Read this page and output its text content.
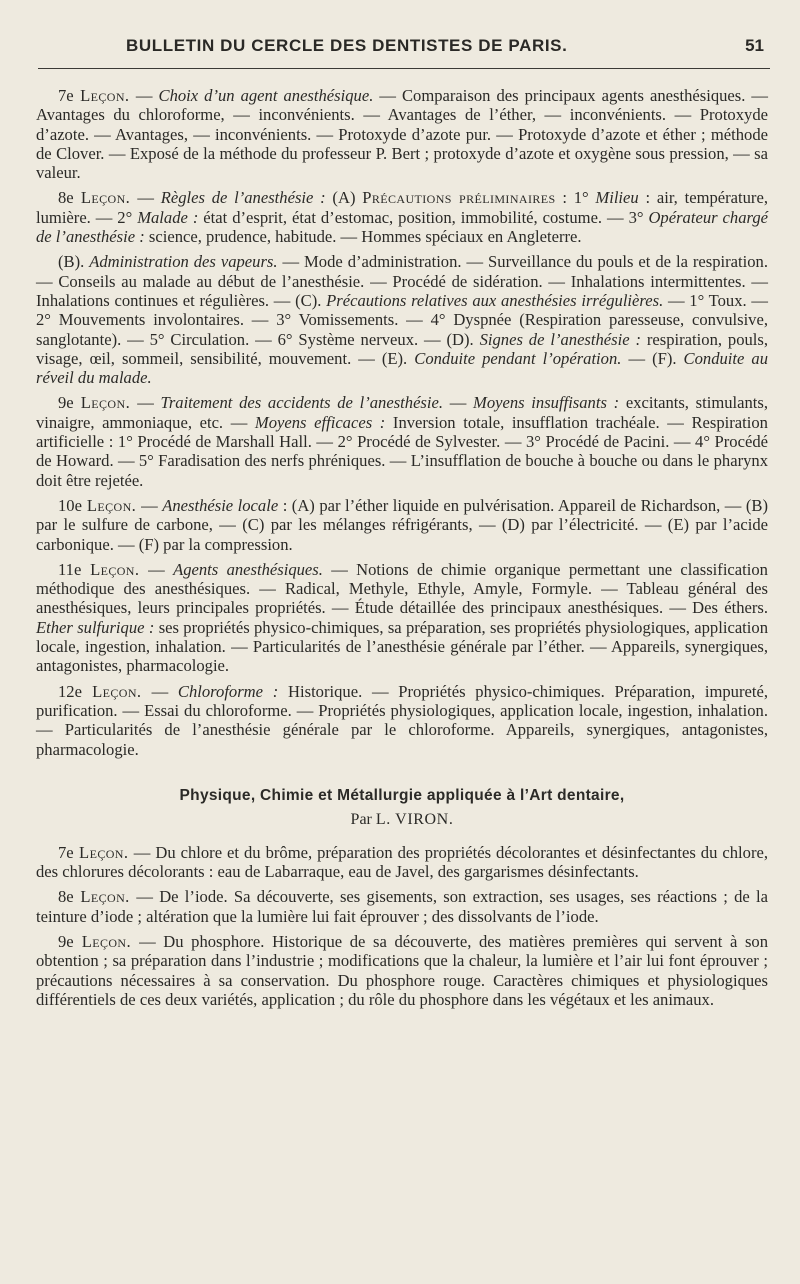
BULLETIN DU CERCLE DES DENTISTES DE PARIS.	51

7e Leçon. — Choix d’un agent anesthésique. — Comparaison des principaux agents anesthésiques. — Avantages du chloroforme, — inconvénients. — Avantages de l’éther, — inconvénients. — Protoxyde d’azote. — Avantages, — inconvénients. — Protoxyde d’azote pur. — Protoxyde d’azote et éther ; méthode de Clover. — Exposé de la méthode du professeur P. Bert ; protoxyde d’azote et oxygène sous pression, — sa valeur.

8e Leçon. — Règles de l’anesthésie : (A) Précautions préliminaires : 1° Milieu : air, température, lumière. — 2° Malade : état d’esprit, état d’estomac, position, immobilité, costume. — 3° Opérateur chargé de l’anesthésie : science, prudence, habitude. — Hommes spéciaux en Angleterre.

(B). Administration des vapeurs. — Mode d’administration. — Surveillance du pouls et de la respiration. — Conseils au malade au début de l’anesthésie. — Procédé de sidération. — Inhalations intermittentes. — Inhalations continues et régulières. — (C). Précautions relatives aux anesthésies irrégulières. — 1° Toux. — 2° Mouvements involontaires. — 3° Vomissements. — 4° Dyspnée (Respiration paresseuse, convulsive, sanglotante). — 5° Circulation. — 6° Système nerveux. — (D). Signes de l’anesthésie : respiration, pouls, visage, œil, sommeil, sensibilité, mouvement. — (E). Conduite pendant l’opération. — (F). Conduite au réveil du malade.

9e Leçon. — Traitement des accidents de l’anesthésie. — Moyens insuffisants : excitants, stimulants, vinaigre, ammoniaque, etc. — Moyens efficaces : Inversion totale, insufflation trachéale. — Respiration artificielle : 1° Procédé de Marshall Hall. — 2° Procédé de Sylvester. — 3° Procédé de Pacini. — 4° Procédé de Howard. — 5° Faradisation des nerfs phréniques. — L’insufflation de bouche à bouche ou dans le pharynx doit être rejetée.

10e Leçon. — Anesthésie locale : (A) par l’éther liquide en pulvérisation. Appareil de Richardson, — (B) par le sulfure de carbone, — (C) par les mélanges réfrigérants, — (D) par l’électricité. — (E) par l’acide carbonique. — (F) par la compression.

11e Leçon. — Agents anesthésiques. — Notions de chimie organique permettant une classification méthodique des anesthésiques. — Radical, Methyle, Ethyle, Amyle, Formyle. — Tableau général des anesthésiques, leurs principales propriétés. — Étude détaillée des principaux anesthésiques. — Des éthers. Ether sulfurique : ses propriétés physico-chimiques, sa préparation, ses propriétés physiologiques, application locale, ingestion, inhalation. — Particularités de l’anesthésie générale par l’éther. — Appareils, synergiques, antagonistes, pharmacologie.

12e Leçon. — Chloroforme : Historique. — Propriétés physico-chimiques. Préparation, impureté, purification. — Essai du chloroforme. — Propriétés physiologiques, application locale, ingestion, inhalation. — Particularités de l’anesthésie générale par le chloroforme. Appareils, synergiques, antagonistes, pharmacologie.

Physique, Chimie et Métallurgie appliquée à l’Art dentaire,
Par L. VIRON.

7e Leçon. — Du chlore et du brôme, préparation des propriétés décolorantes et désinfectantes du chlore, des chlorures décolorants : eau de Labarraque, eau de Javel, des gargarismes désinfectants.

8e Leçon. — De l’iode. Sa découverte, ses gisements, son extraction, ses usages, ses réactions ; de la teinture d’iode ; altération que la lumière lui fait éprouver ; des dissolvants de l’iode.

9e Leçon. — Du phosphore. Historique de sa découverte, des matières premières qui servent à son obtention ; sa préparation dans l’industrie ; modifications que la chaleur, la lumière et l’air lui font éprouver ; précautions nécessaires à sa conservation. Du phosphore rouge. Caractères chimiques et physiologiques différentiels de ces deux variétés, application ; du rôle du phosphore dans les végétaux et les animaux.
